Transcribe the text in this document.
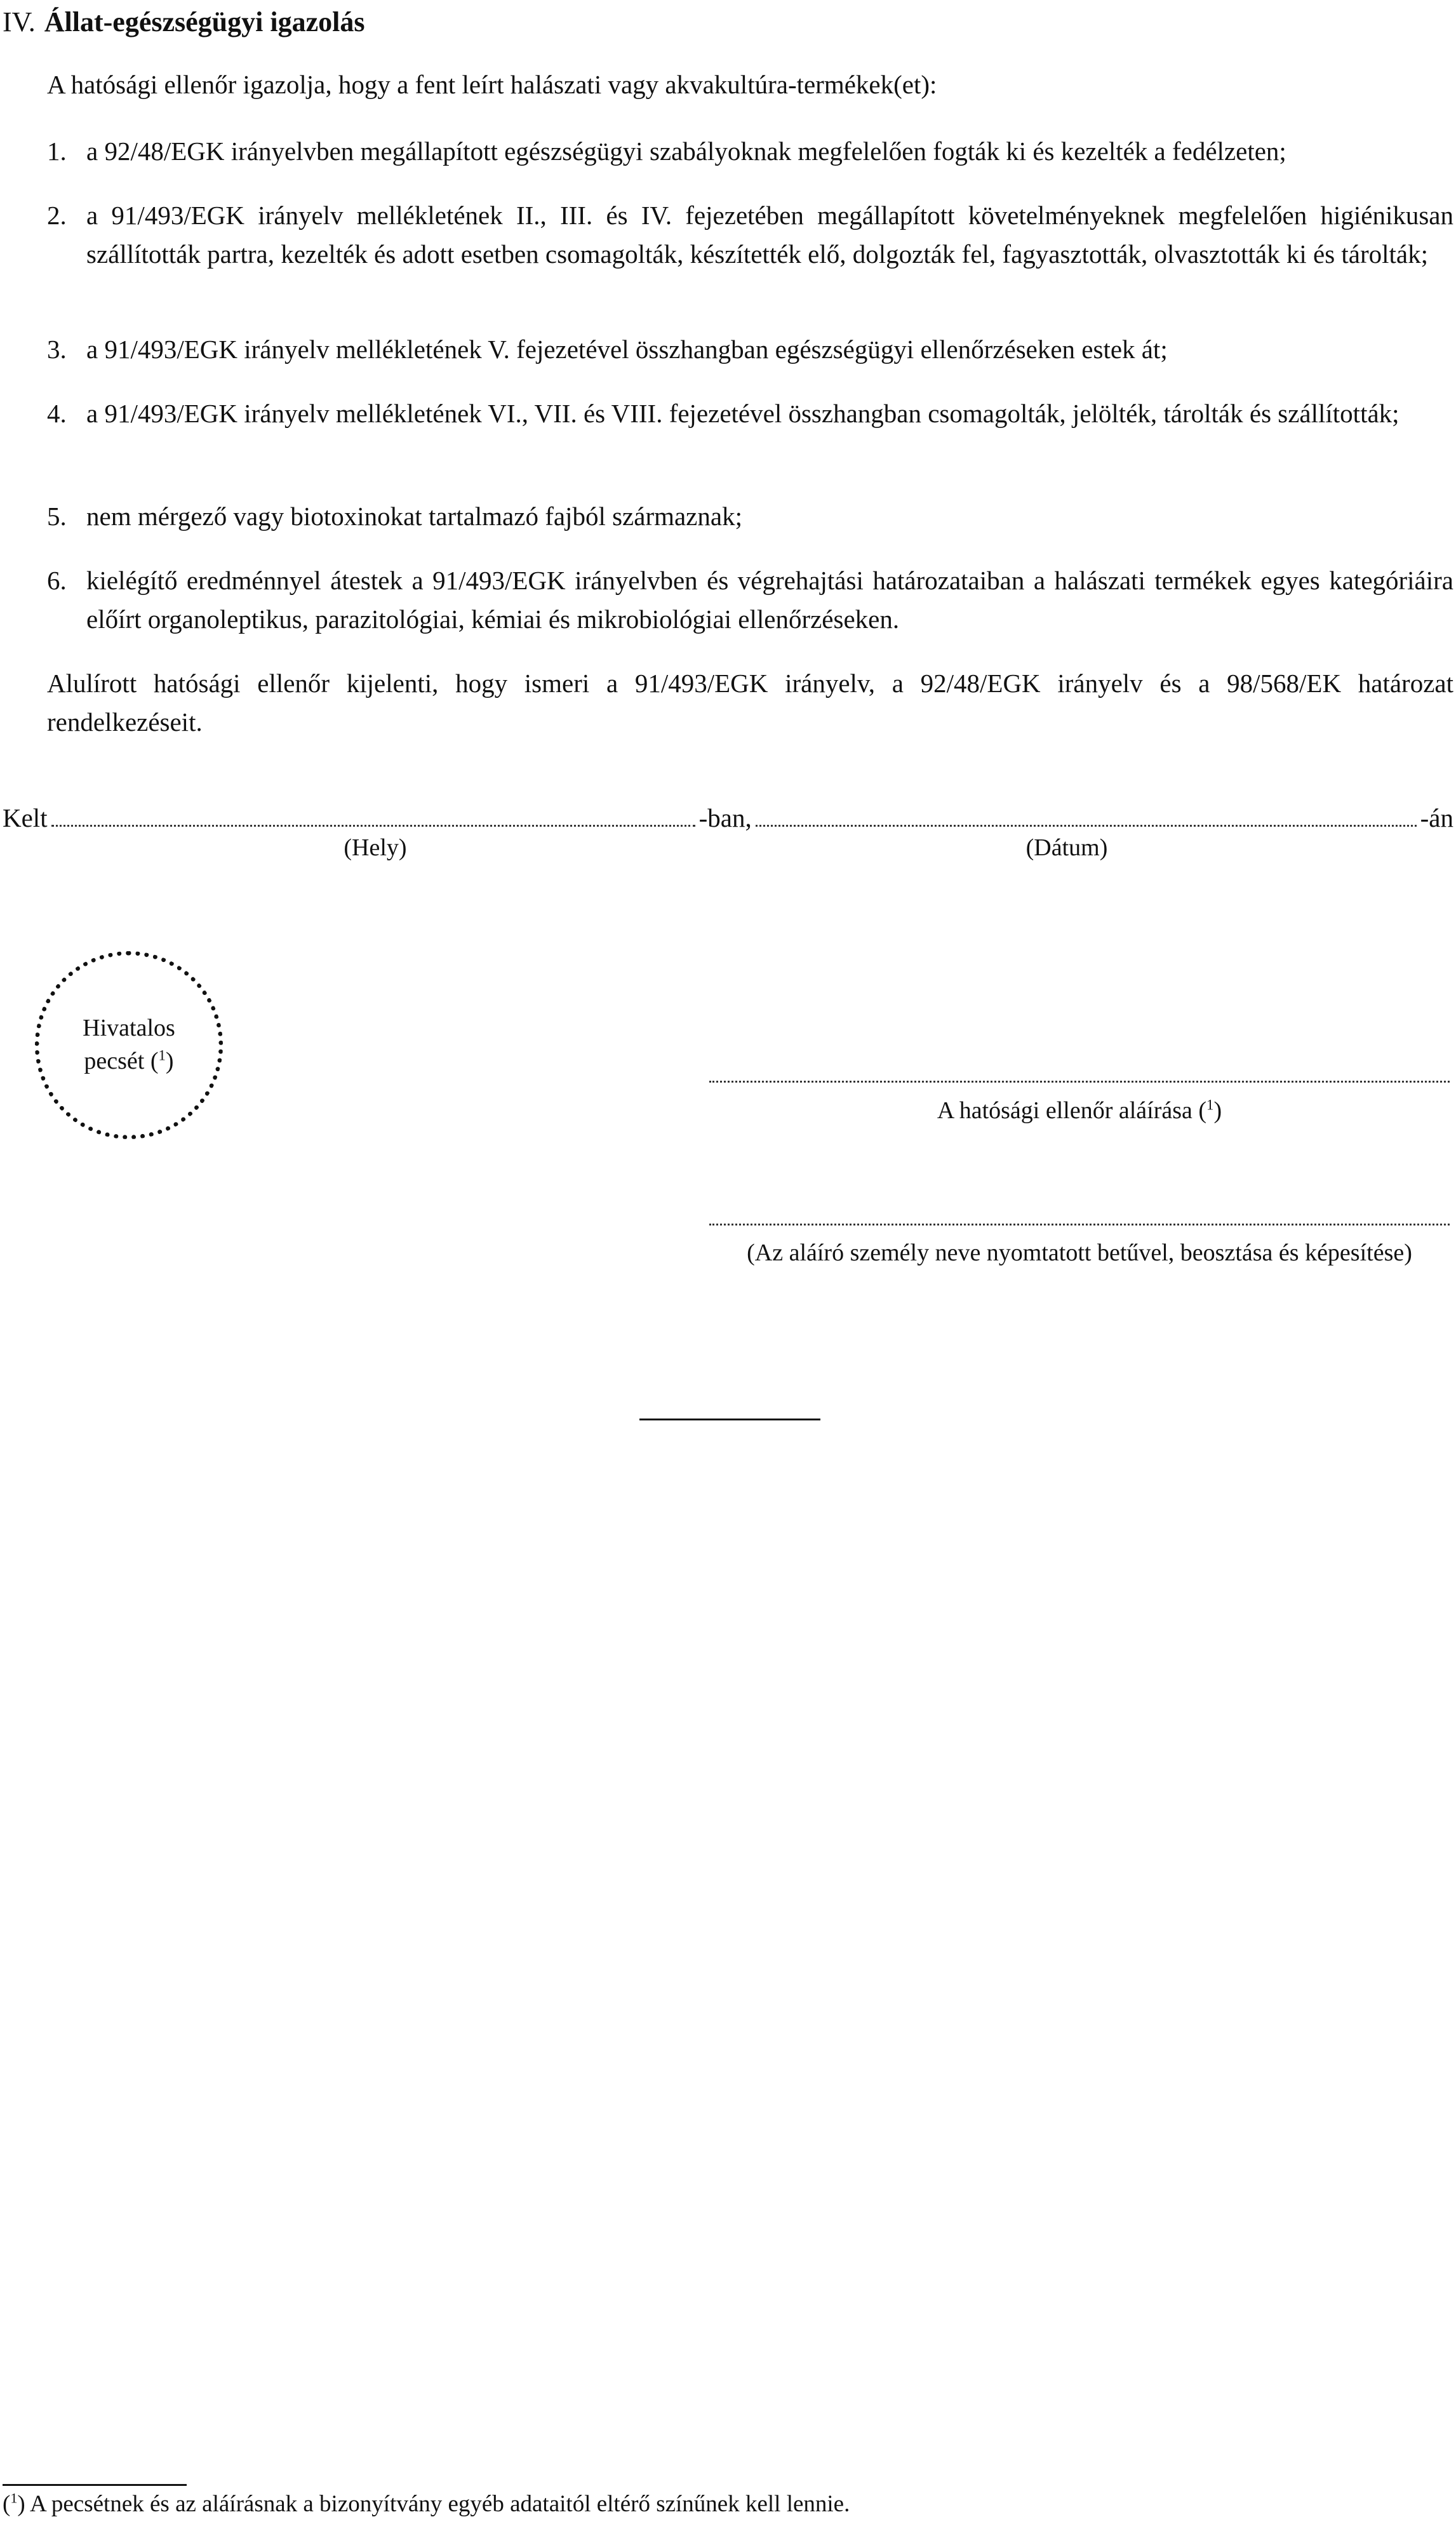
IV. Állat-egészségügyi igazolás
A hatósági ellenőr igazolja, hogy a fent leírt halászati vagy akvakultúra-termékek(et):
1. a 92/48/EGK irányelvben megállapított egészségügyi szabályoknak megfelelően fogták ki és kezelték a fedélzeten;
2. a 91/493/EGK irányelv mellékletének II., III. és IV. fejezetében megállapított követelményeknek megfelelően higiénikusan szállították partra, kezelték és adott esetben csomagolták, készítették elő, dolgozták fel, fagyasztották, olvasztották ki és tárolták;
3. a 91/493/EGK irányelv mellékletének V. fejezetével összhangban egészségügyi ellenőrzéseken estek át;
4. a 91/493/EGK irányelv mellékletének VI., VII. és VIII. fejezetével összhangban csomagolták, jelölték, tárolták és szállították;
5. nem mérgező vagy biotoxinokat tartalmazó fajból származnak;
6. kielégítő eredménnyel átestek a 91/493/EGK irányelvben és végrehajtási határozataiban a halászati termékek egyes kategóriáira előírt organoleptikus, parazitológiai, kémiai és mikrobiológiai ellenőrzéseken.
Alulírott hatósági ellenőr kijelenti, hogy ismeri a 91/493/EGK irányelv, a 92/48/EGK irányelv és a 98/568/EK határozat rendelkezéseit.
Kelt	-ban,	-án
(Hely)	(Dátum)
Hivatalos
pecsét ($^1$)
A hatósági ellenőr aláírása ($^1$)
(Az aláíró személy neve nyomtatott betűvel, beosztása és képesítése)
($^1$) A pecsétnek és az aláírásnak a bizonyítvány egyéb adataitól eltérő színűnek kell lennie.
